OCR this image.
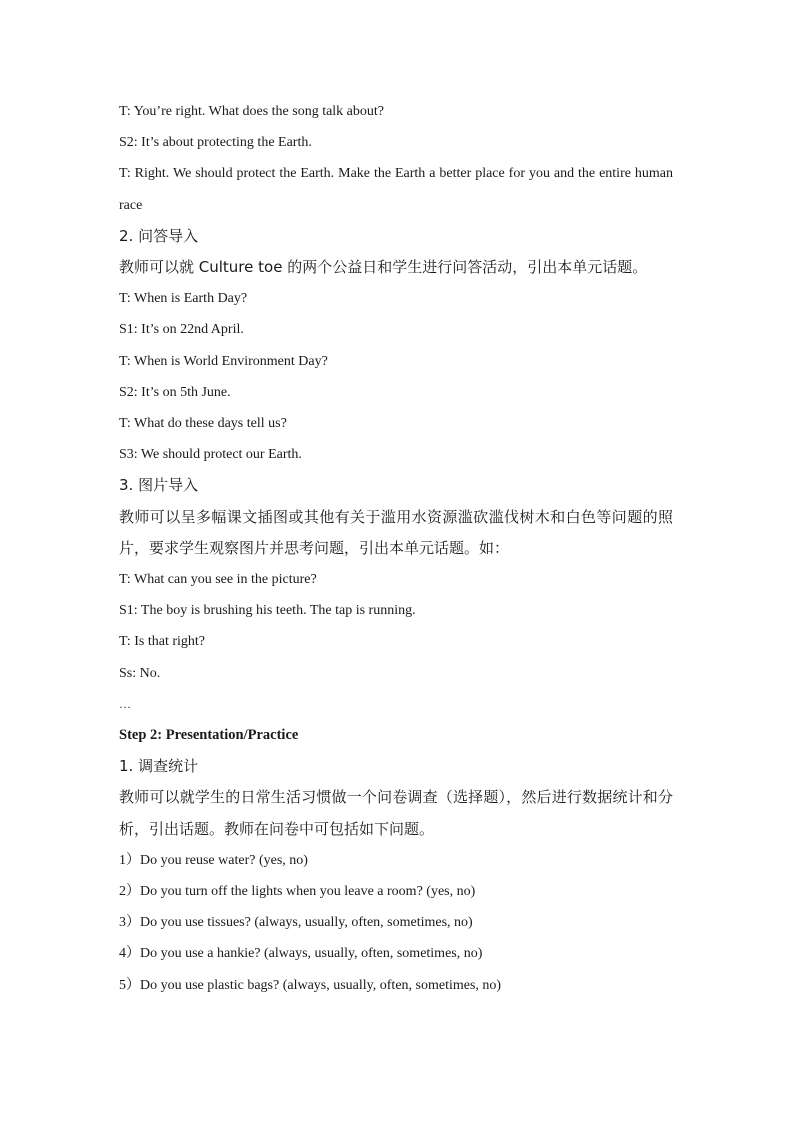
T: You’re right. What does the song talk about?
S2: It’s about protecting the Earth.
T: Right. We should protect the Earth. Make the Earth a better place for you and the entire human race
2. 问答导入
教师可以就 Culture toe 的两个公益日和学生进行问答活动，引出本单元话题。
T: When is Earth Day?
S1: It’s on 22nd April.
T: When is World Environment Day?
S2: It’s on 5th June.
T: What do these days tell us?
S3: We should protect our Earth.
3. 图片导入
教师可以呈多幅课文插图或其他有关于滥用水资源滥砍滥伐树木和白色等问题的照片，要求学生观察图片并思考问题，引出本单元话题。如：
T: What can you see in the picture?
S1: The boy is brushing his teeth. The tap is running.
T: Is that right?
Ss: No.
…
Step 2: Presentation/Practice
1. 调查统计
教师可以就学生的日常生活习惯做一个问卷调查（选择题），然后进行数据统计和分析，引出话题。教师在问卷中可包括如下问题。
1）Do you reuse water? (yes, no)
2）Do you turn off the lights when you leave a room? (yes, no)
3）Do you use tissues? (always, usually, often, sometimes, no)
4）Do you use a hankie? (always, usually, often, sometimes, no)
5）Do you use plastic bags? (always, usually, often, sometimes, no)
